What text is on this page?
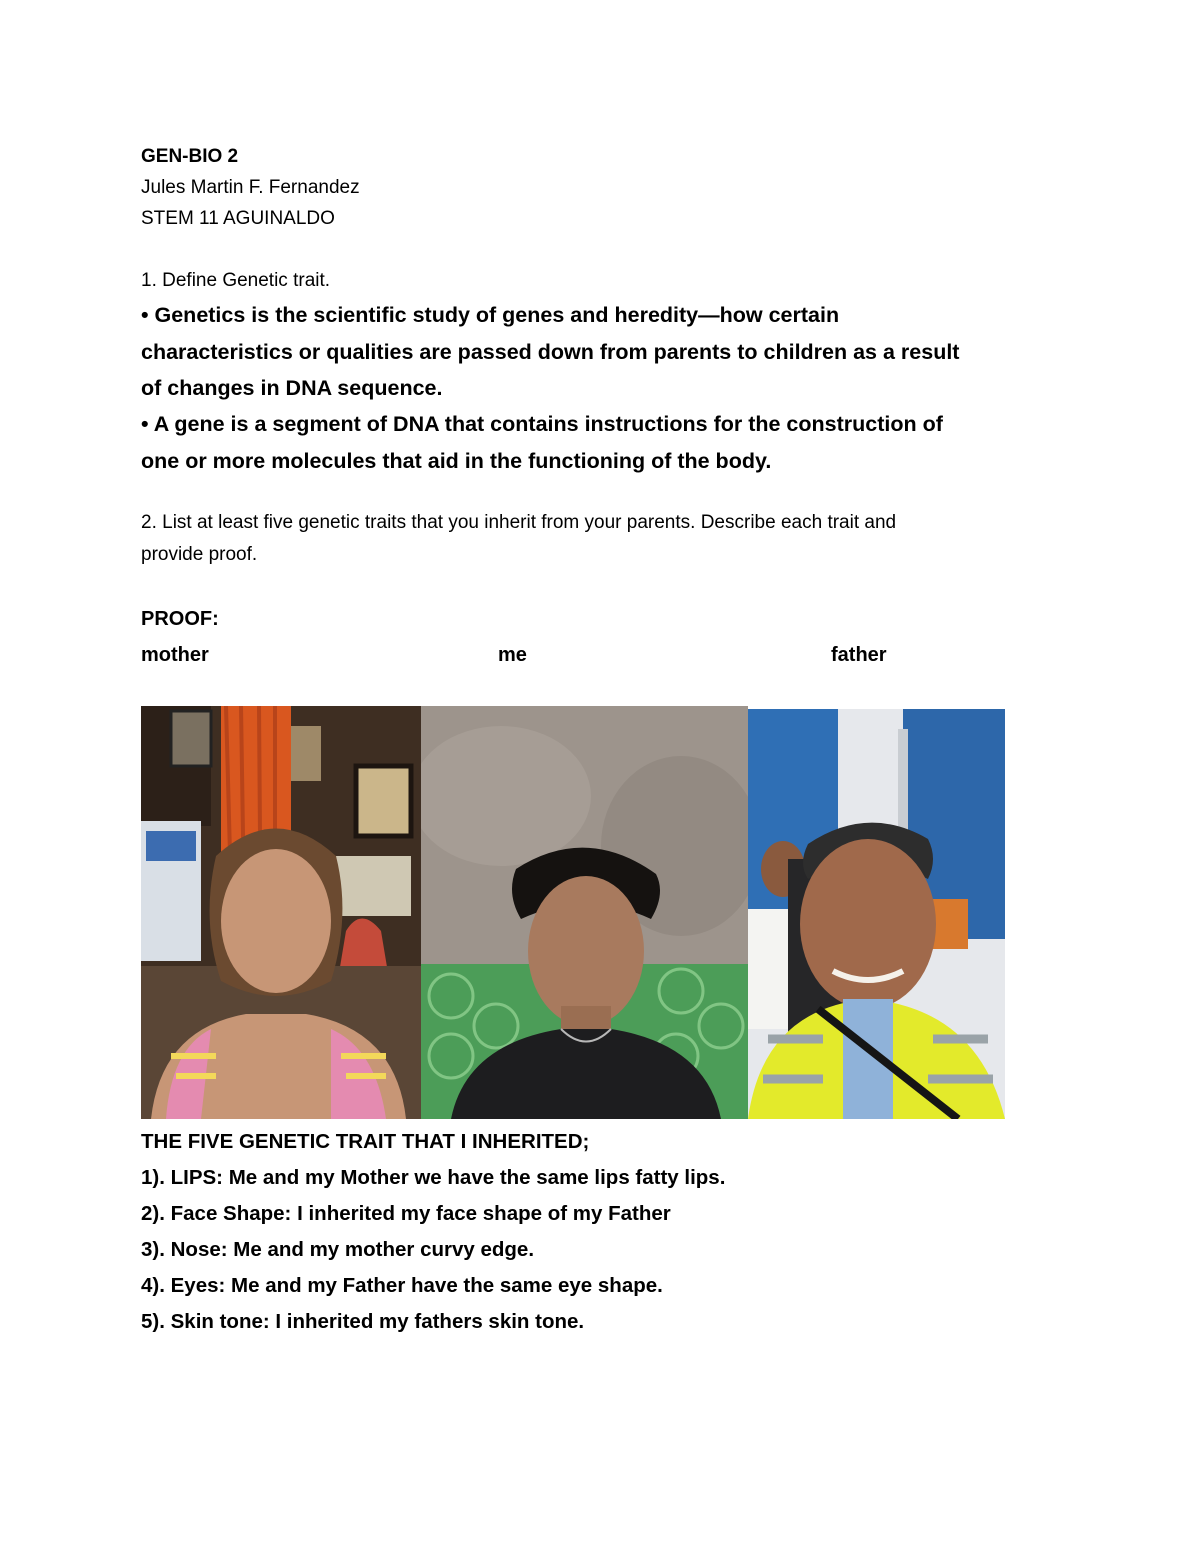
GEN-BIO 2
Jules Martin F. Fernandez
STEM 11 AGUINALDO
1. Define Genetic trait.
• Genetics is the scientific study of genes and heredity—how certain
characteristics or qualities are passed down from parents to children as a result
of changes in DNA sequence.
• A gene is a segment of DNA that contains instructions for the construction of
one or more molecules that aid in the functioning of the body.
2. List at least five genetic traits that you inherit from your parents. Describe each trait and
provide proof.
PROOF:
mother	me	father
THE FIVE GENETIC TRAIT THAT I INHERITED;
1). LIPS: Me and my Mother we have the same lips fatty lips.
2). Face Shape: I inherited my face shape of my Father
3). Nose: Me and my mother curvy edge.
4). Eyes: Me and my Father have the same eye shape.
5). Skin tone: I inherited my fathers skin tone.
